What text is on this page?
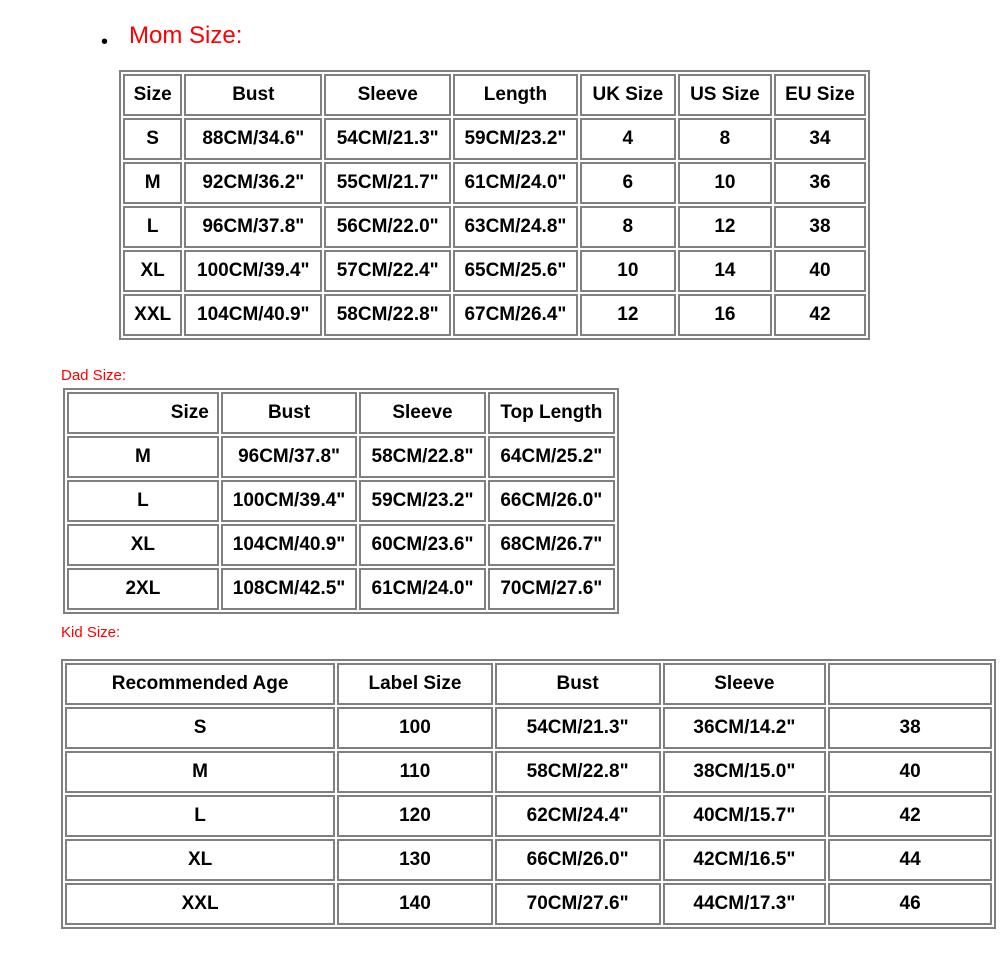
• Mom Size:
Size	Bust	Sleeve	Length	UK Size	US Size	EU Size
S	88CM/34.6"	54CM/21.3"	59CM/23.2"	4	8	34
M	92CM/36.2"	55CM/21.7"	61CM/24.0"	6	10	36
L	96CM/37.8"	56CM/22.0"	63CM/24.8"	8	12	38
XL	100CM/39.4"	57CM/22.4"	65CM/25.6"	10	14	40
XXL	104CM/40.9"	58CM/22.8"	67CM/26.4"	12	16	42
Dad Size:
Size	Bust	Sleeve	Top Length
M	96CM/37.8"	58CM/22.8"	64CM/25.2"
L	100CM/39.4"	59CM/23.2"	66CM/26.0"
XL	104CM/40.9"	60CM/23.6"	68CM/26.7"
2XL	108CM/42.5"	61CM/24.0"	70CM/27.6"
Kid Size:
Recommended Age	Label Size	Bust	Sleeve	
S	100	54CM/21.3"	36CM/14.2"	38
M	110	58CM/22.8"	38CM/15.0"	40
L	120	62CM/24.4"	40CM/15.7"	42
XL	130	66CM/26.0"	42CM/16.5"	44
XXL	140	70CM/27.6"	44CM/17.3"	46
